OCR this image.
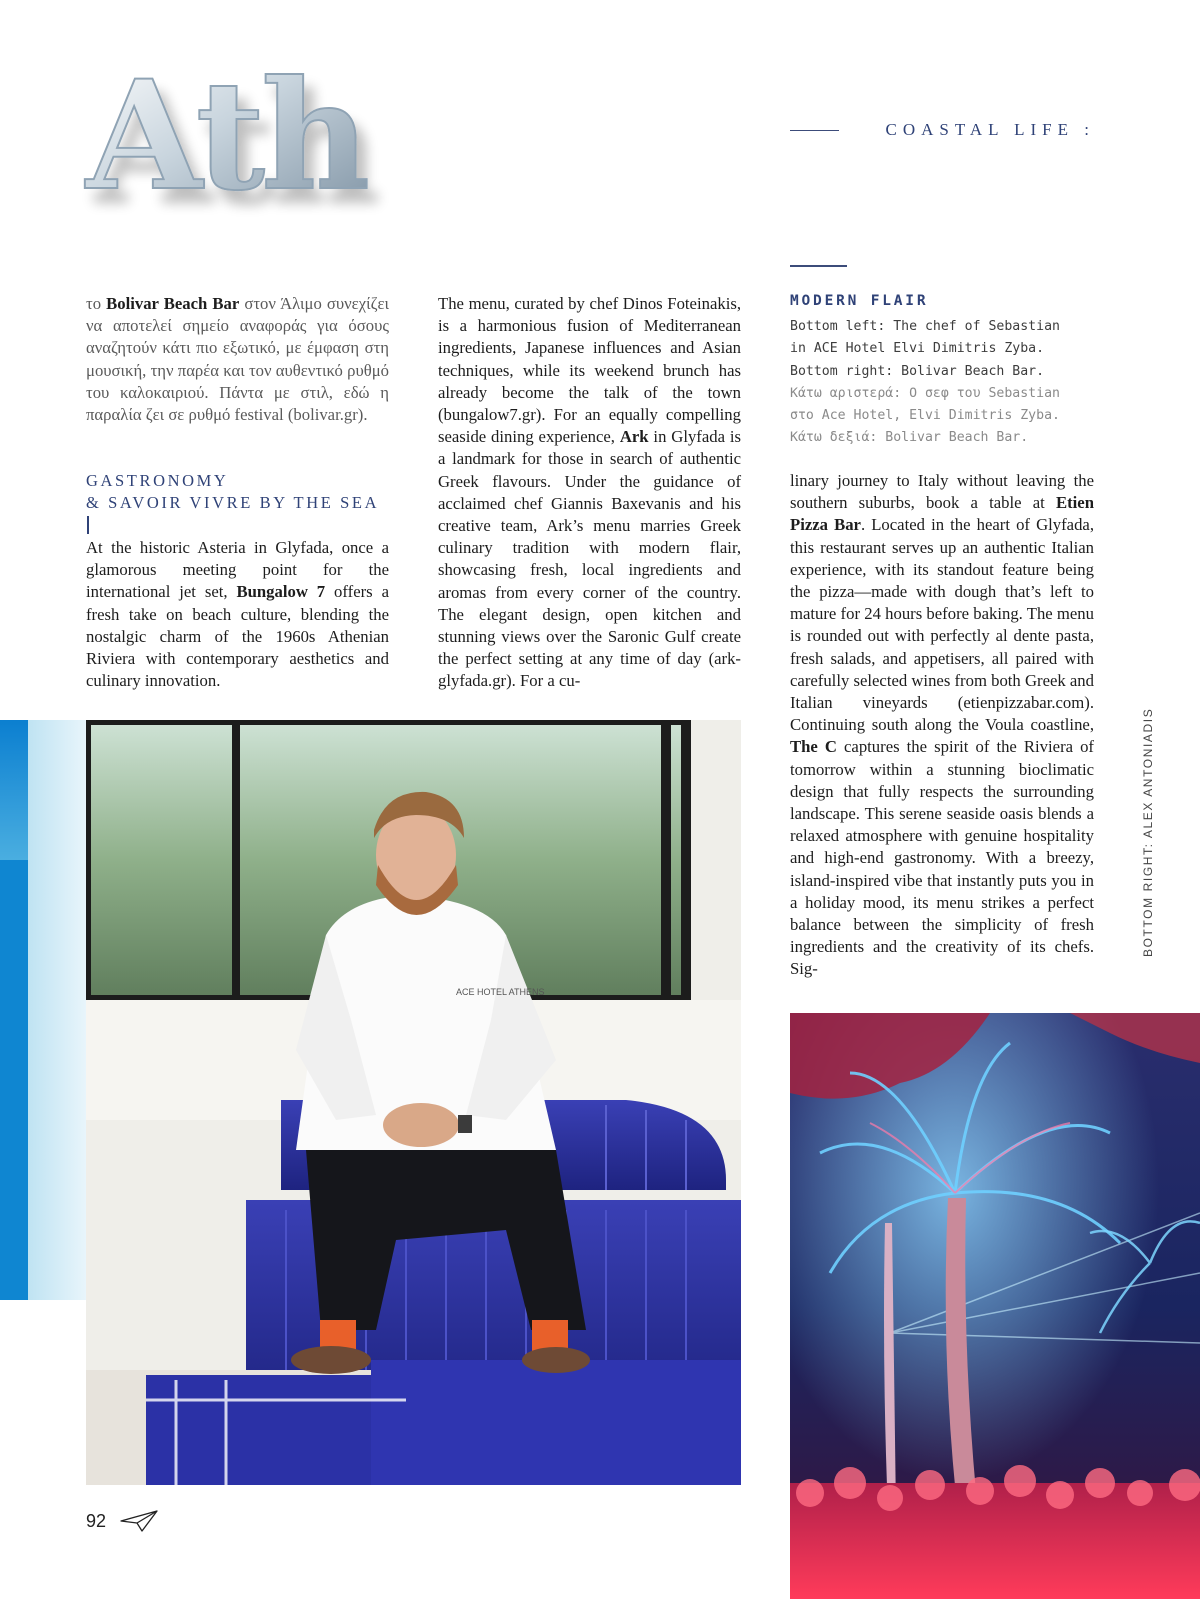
Ath	COASTAL LIFE :
το Bolivar Beach Bar στον Άλιμο συνεχίζει να αποτελεί σημείο αναφοράς για όσους αναζητούν κάτι πιο εξωτικό, με έμφαση στη μουσική, την παρέα και τον αυθεντικό ρυθμό του καλοκαιριού. Πάντα με στιλ, εδώ η παραλία ζει σε ρυθμό festival (bolivar.gr).
GASTRONOMY
& SAVOIR VIVRE BY THE SEA
At the historic Asteria in Glyfada, once a glamorous meeting point for the international jet set, Bungalow 7 offers a fresh take on beach culture, blending the nostalgic charm of the 1960s Athenian Riviera with contemporary aesthetics and culinary innovation.
The menu, curated by chef Dinos Foteinakis, is a harmonious fusion of Mediterranean ingredients, Japanese influences and Asian techniques, while its weekend brunch has already become the talk of the town (bungalow7.gr). For an equally compelling seaside dining experience, Ark in Glyfada is a landmark for those in search of authentic Greek flavours. Under the guidance of acclaimed chef Giannis Baxevanis and his creative team, Ark’s menu marries Greek culinary tradition with modern flair, showcasing fresh, local ingredients and aromas from every corner of the country. The elegant design, open kitchen and stunning views over the Saronic Gulf create the perfect setting at any time of day (ark-glyfada.gr). For a cu-
MODERN FLAIR
Bottom left: The chef of Sebastian in ACE Hotel Elvi Dimitris Zyba. Bottom right: Bolivar Beach Bar. Κάτω αριστερά: Ο σεφ του Sebastian στο Ace Hotel, Elvi Dimitris Zyba. Κάτω δεξιά: Bolivar Beach Bar.
linary journey to Italy without leaving the southern suburbs, book a table at Etien Pizza Bar. Located in the heart of Glyfada, this restaurant serves up an authentic Italian experience, with its standout feature being the pizza—made with dough that’s left to mature for 24 hours before baking. The menu is rounded out with perfectly al dente pasta, fresh salads, and appetisers, all paired with carefully selected wines from both Greek and Italian vineyards (etienpizzabar.com). Continuing south along the Voula coastline, The C captures the spirit of the Riviera of tomorrow within a stunning bioclimatic design that fully respects the surrounding landscape. This serene seaside oasis blends a relaxed atmosphere with genuine hospitality and high-end gastronomy. With a breezy, island-inspired vibe that instantly puts you in a holiday mood, its menu strikes a perfect balance between the simplicity of fresh ingredients and the creativity of its chefs. Sig-
BOTTOM RIGHT: ALEX ANTONIADIS
ACE HOTEL ATHENS
92
